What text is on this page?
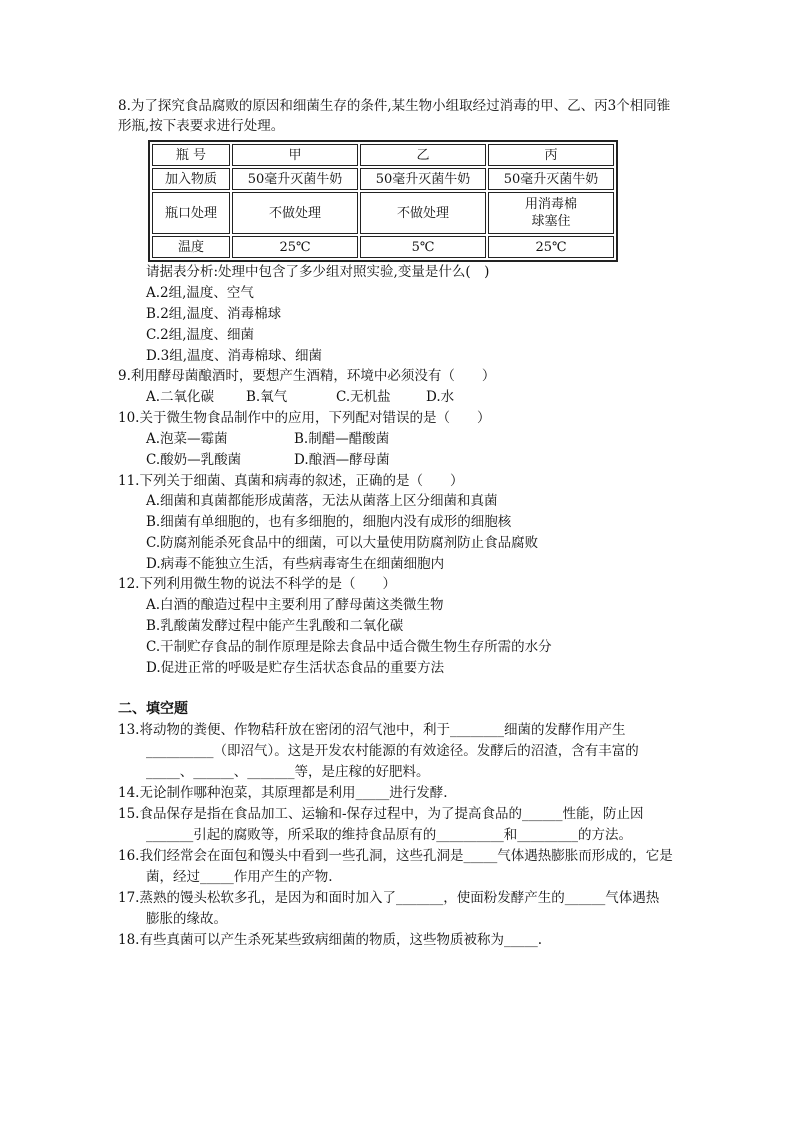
8.为了探究食品腐败的原因和细菌生存的条件,某生物小组取经过消毒的甲、乙、丙3个相同锥
形瓶,按下表要求进行处理。
瓶 号	甲	乙	丙
加入物质	50毫升灭菌牛奶	50毫升灭菌牛奶	50毫升灭菌牛奶
瓶口处理	不做处理	不做处理	用消毒棉
球塞住
温度	25℃	5℃	25℃
请据表分析:处理中包含了多少组对照实验,变量是什么(　)
A.2组,温度、空气
B.2组,温度、消毒棉球
C.2组,温度、细菌
D.3组,温度、消毒棉球、细菌
9.利用酵母菌酿酒时，要想产生酒精，环境中必须没有（　　）
A.二氧化碳 B.氧气	C.无机盐	D.水
10.关于微生物食品制作中的应用，下列配对错误的是（　　）
A.泡菜—霉菌	B.制醋—醋酸菌
C.酸奶—乳酸菌	D.酿酒—酵母菌
11.下列关于细菌、真菌和病毒的叙述，正确的是（　　）
A.细菌和真菌都能形成菌落，无法从菌落上区分细菌和真菌
B.细菌有单细胞的，也有多细胞的，细胞内没有成形的细胞核
C.防腐剂能杀死食品中的细菌，可以大量使用防腐剂防止食品腐败
D.病毒不能独立生活，有些病毒寄生在细菌细胞内
12.下列利用微生物的说法不科学的是（　　）
A.白酒的酿造过程中主要利用了酵母菌这类微生物
B.乳酸菌发酵过程中能产生乳酸和二氧化碳
C.干制贮存食品的制作原理是除去食品中适合微生物生存所需的水分
D.促进正常的呼吸是贮存生活状态食品的重要方法
二、填空题
13.将动物的粪便、作物秸秆放在密闭的沼气池中，利于________细菌的发酵作用产生
__________（即沼气）。这是开发农村能源的有效途径。发酵后的沼渣，含有丰富的
_____、______、_______等，是庄稼的好肥料。
14.无论制作哪种泡菜，其原理都是利用_____进行发酵.
15.食品保存是指在食品加工、运输和-保存过程中，为了提高食品的______性能，防止因
_______引起的腐败等，所采取的维持食品原有的__________和_________的方法。
16.我们经常会在面包和馒头中看到一些孔洞，这些孔洞是_____气体遇热膨胀而形成的，它是
菌，经过_____作用产生的产物.
17.蒸熟的馒头松软多孔，是因为和面时加入了_______，使面粉发酵产生的______气体遇热
膨胀的缘故。
18.有些真菌可以产生杀死某些致病细菌的物质，这些物质被称为_____.
